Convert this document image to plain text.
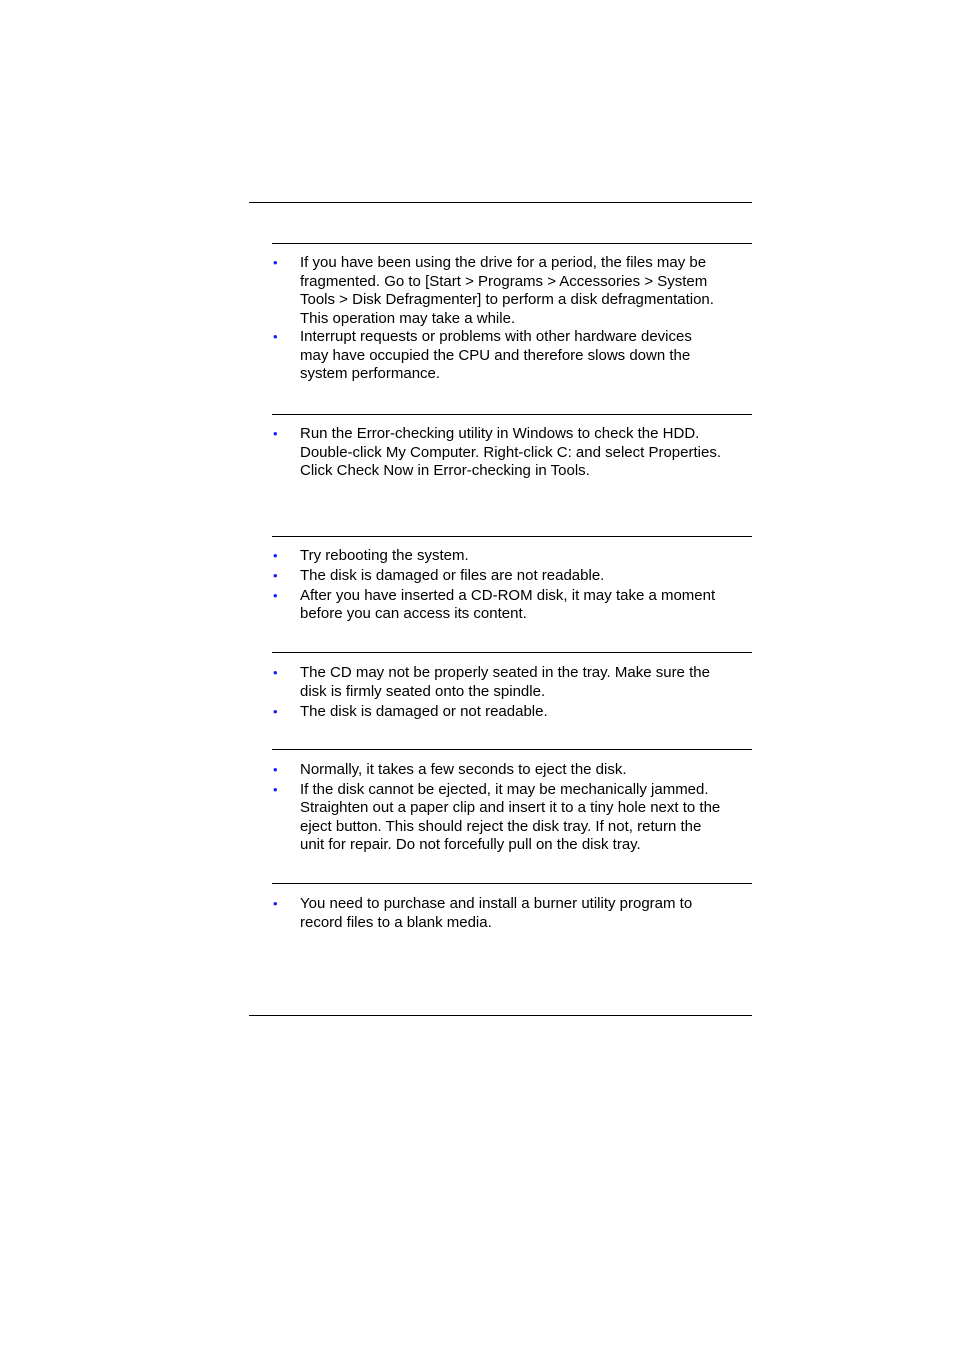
• If you have been using the drive for a period, the files may be
fragmented. Go to [Start > Programs > Accessories > System
Tools > Disk Defragmenter] to perform a disk defragmentation.
This operation may take a while.
• Interrupt requests or problems with other hardware devices
may have occupied the CPU and therefore slows down the
system performance.
• Run the Error-checking utility in Windows to check the HDD.
Double-click My Computer. Right-click C: and select Properties.
Click Check Now in Error-checking in Tools.
• Try rebooting the system.
• The disk is damaged or files are not readable.
• After you have inserted a CD-ROM disk, it may take a moment
before you can access its content.
• The CD may not be properly seated in the tray. Make sure the
disk is firmly seated onto the spindle.
• The disk is damaged or not readable.
• Normally, it takes a few seconds to eject the disk.
• If the disk cannot be ejected, it may be mechanically jammed.
Straighten out a paper clip and insert it to a tiny hole next to the
eject button. This should reject the disk tray. If not, return the
unit for repair. Do not forcefully pull on the disk tray.
• You need to purchase and install a burner utility program to
record files to a blank media.
